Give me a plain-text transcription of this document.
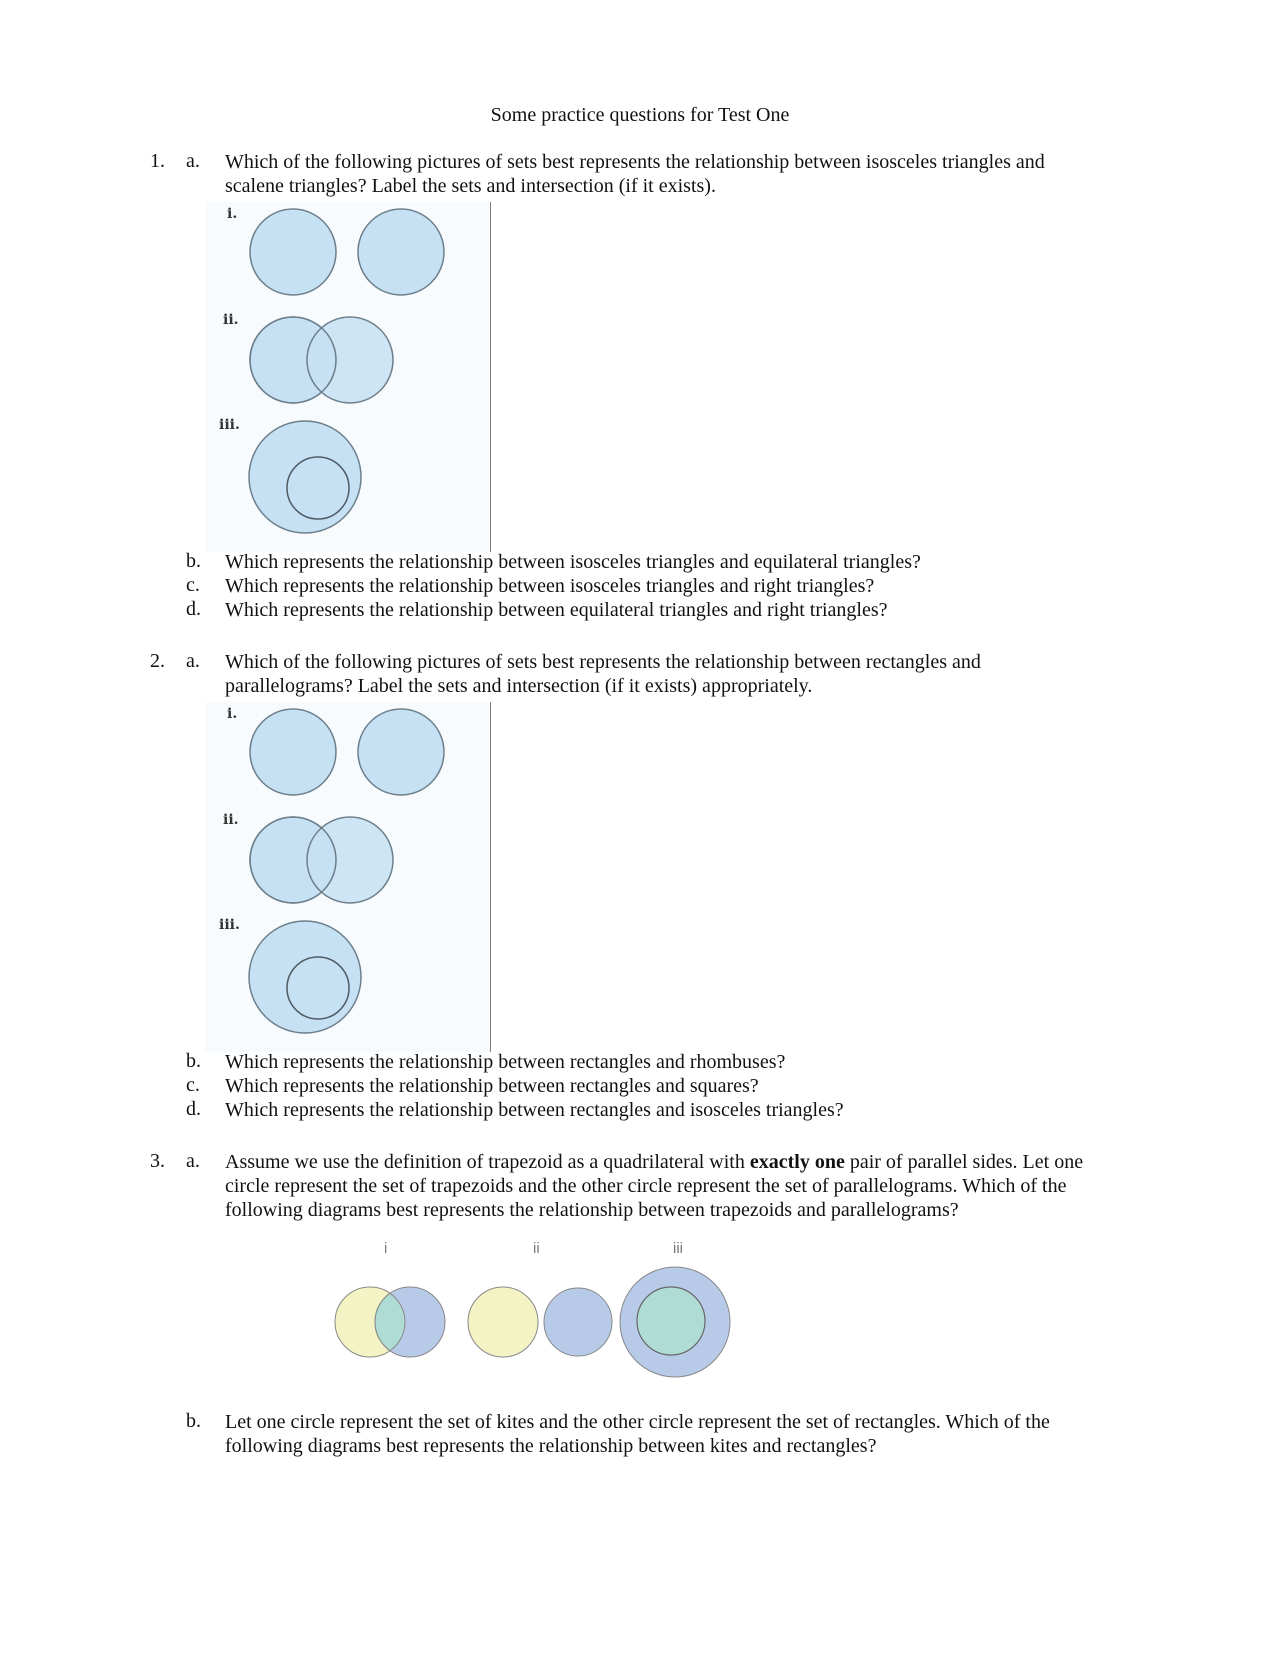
Some practice questions for Test One
1. a.	Which of the following pictures of sets best represents the relationship between isosceles triangles and
scalene triangles? Label the sets and intersection (if it exists).
i.
ii.
iii.
b. Which represents the relationship between isosceles triangles and equilateral triangles?
c.	Which represents the relationship between isosceles triangles and right triangles?
d. Which represents the relationship between equilateral triangles and right triangles?
2. a.	Which of the following pictures of sets best represents the relationship between rectangles and
parallelograms? Label the sets and intersection (if it exists) appropriately.
i.
ii.
iii.
b. Which represents the relationship between rectangles and rhombuses?
c.	Which represents the relationship between rectangles and squares?
d. Which represents the relationship between rectangles and isosceles triangles?
3. a.	Assume we use the definition of trapezoid as a quadrilateral with exactly one pair of parallel sides. Let one
circle represent the set of trapezoids and the other circle represent the set of parallelograms. Which of the
following diagrams best represents the relationship between trapezoids and parallelograms?
i	ii	iii
b. Let one circle represent the set of kites and the other circle represent the set of rectangles. Which of the
following diagrams best represents the relationship between kites and rectangles?
